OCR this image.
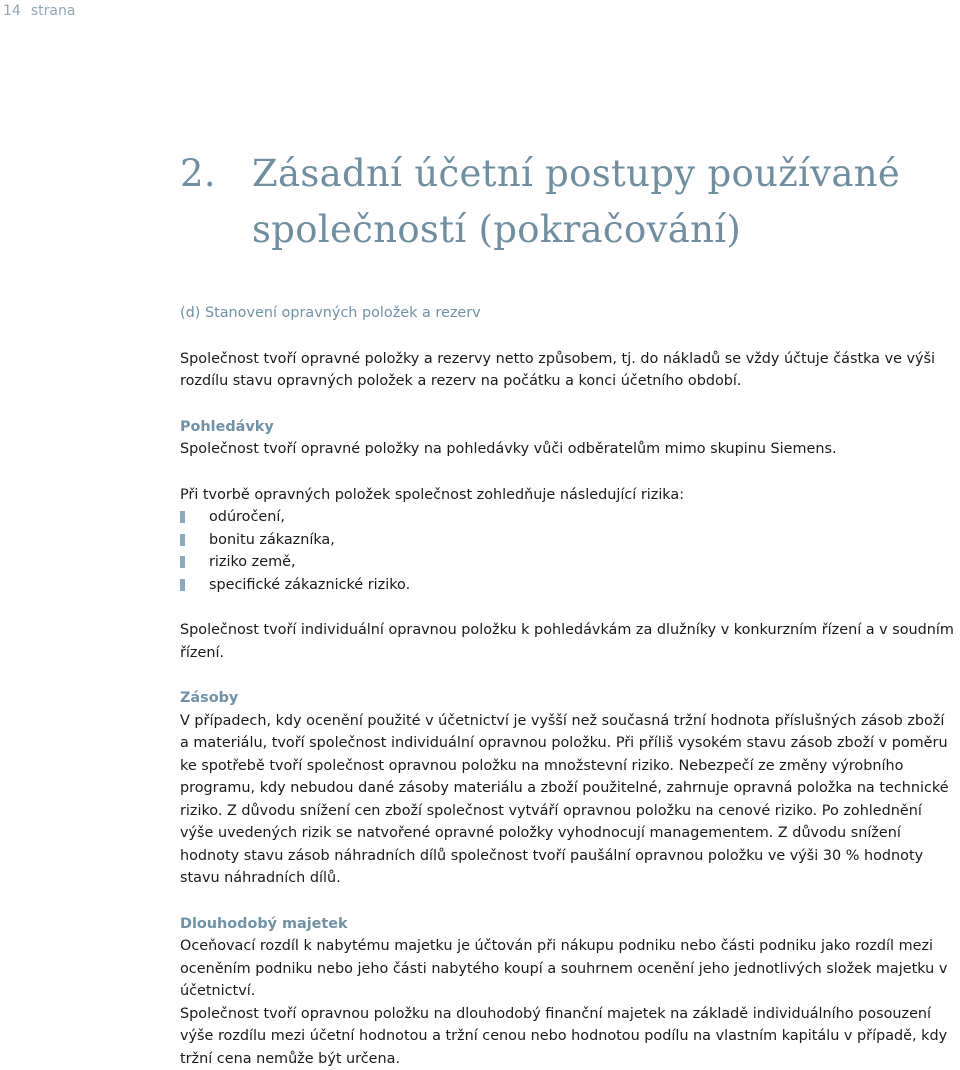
14 strana
2. Zásadní účetní postupy používané společností (pokračování)
(d) Stanovení opravných položek a rezerv

Společnost tvoří opravné položky a rezervy netto způsobem, tj. do nákladů se vždy účtuje částka ve výši rozdílu stavu opravných položek a rezerv na počátku a konci účetního období.

Pohledávky

Společnost tvoří opravné položky na pohledávky vůči odběratelům mimo skupinu Siemens.

Při tvorbě opravných položek společnost zohledňuje následující rizika:

odúročení,
bonitu zákazníka,
riziko země,
specifické zákaznické riziko.

Společnost tvoří individuální opravnou položku k pohledávkám za dlužníky v konkurzním řízení a v soudním řízení.

Zásoby

V případech, kdy ocenění použité v účetnictví je vyšší než současná tržní hodnota příslušných zásob zboží a materiálu, tvoří společnost individuální opravnou položku. Při příliš vysokém stavu zásob zboží v poměru ke spotřebě tvoří společnost opravnou položku na množstevní riziko. Nebezpečí ze změny výrobního programu, kdy nebudou dané zásoby materiálu a zboží použitelné, zahrnuje opravná položka na technické riziko. Z důvodu snížení cen zboží společnost vytváří opravnou položku na cenové riziko. Po zohlednění výše uvedených rizik se natvořené opravné položky vyhodnocují managementem. Z důvodu snížení hodnoty stavu zásob náhradních dílů společnost tvoří paušální opravnou položku ve výši 30 % hodnoty stavu náhradních dílů.

Dlouhodobý majetek

Oceňovací rozdíl k nabytému majetku je účtován při nákupu podniku nebo části podniku jako rozdíl mezi oceněním podniku nebo jeho části nabytého koupí a souhrnem ocenění jeho jednotlivých složek majetku v účetnictví.

Společnost tvoří opravnou položku na dlouhodobý finanční majetek na základě individuálního posouzení výše rozdílu mezi účetní hodnotou a tržní cenou nebo hodnotou podílu na vlastním kapitálu v případě, kdy tržní cena nemůže být určena.
